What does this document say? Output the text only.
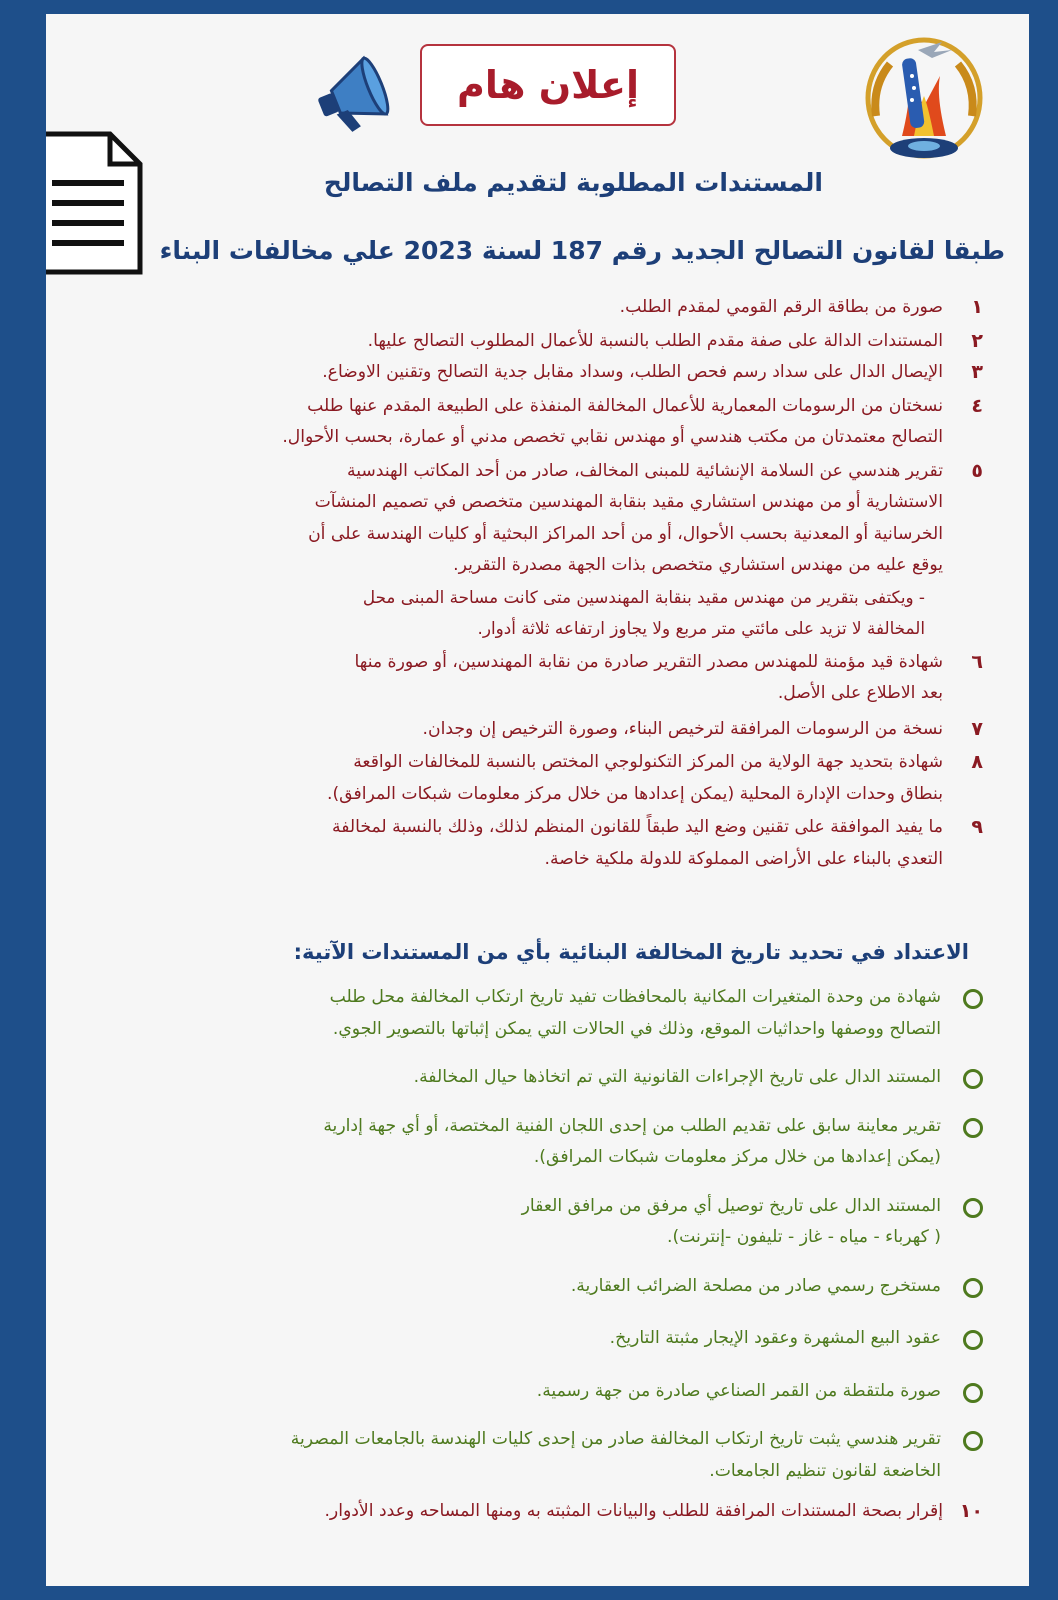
إعلان هام
المستندات المطلوبة لتقديم ملف التصالح
طبقا لقانون التصالح الجديد رقم 187 لسنة 2023 علي مخالفات البناء
١
صورة من بطاقة الرقم القومي لمقدم الطلب.
٢
المستندات الدالة على صفة مقدم الطلب بالنسبة للأعمال المطلوب التصالح عليها.
٣
الإيصال الدال على سداد رسم فحص الطلب، وسداد مقابل جدية التصالح وتقنين الاوضاع.
٤
نسختان من الرسومات المعمارية للأعمال المخالفة المنفذة على الطبيعة المقدم عنها طلب
التصالح معتمدتان من مكتب هندسي أو مهندس نقابي تخصص مدني أو عمارة، بحسب الأحوال.
٥
تقرير هندسي عن السلامة الإنشائية للمبنى المخالف، صادر من أحد المكاتب الهندسية
الاستشارية أو من مهندس استشاري مقيد بنقابة المهندسين متخصص في تصميم المنشآت
الخرسانية أو المعدنية بحسب الأحوال، أو من أحد المراكز البحثية أو كليات الهندسة على أن
يوقع عليه من مهندس استشاري متخصص بذات الجهة مصدرة التقرير.
- ويكتفى بتقرير من مهندس مقيد بنقابة المهندسين متى كانت مساحة المبنى محل
المخالفة لا تزيد على مائتي متر مربع ولا يجاوز ارتفاعه ثلاثة أدوار.
٦
شهادة قيد مؤمنة للمهندس مصدر التقرير صادرة من نقابة المهندسين، أو صورة منها
بعد الاطلاع على الأصل.
٧
نسخة من الرسومات المرافقة لترخيص البناء، وصورة الترخيص إن وجدان.
٨
شهادة بتحديد جهة الولاية من المركز التكنولوجي المختص بالنسبة للمخالفات الواقعة
بنطاق وحدات الإدارة المحلية (يمكن إعدادها من خلال مركز معلومات شبكات المرافق).
٩
ما يفيد الموافقة على تقنين وضع اليد طبقاً للقانون المنظم لذلك، وذلك بالنسبة لمخالفة
التعدي بالبناء على الأراضى المملوكة للدولة ملكية خاصة.
الاعتداد في تحديد تاريخ المخالفة البنائية بأي من المستندات الآتية:
شهادة من وحدة المتغيرات المكانية بالمحافظات تفيد تاريخ ارتكاب المخالفة محل طلب
التصالح ووصفها واحداثيات الموقع، وذلك في الحالات التي يمكن إثباتها بالتصوير الجوي.
المستند الدال على تاريخ الإجراءات القانونية التي تم اتخاذها حيال المخالفة.
تقرير معاينة سابق على تقديم الطلب من إحدى اللجان الفنية المختصة، أو أي جهة إدارية
(يمكن إعدادها من خلال مركز معلومات شبكات المرافق).
المستند الدال على تاريخ توصيل أي مرفق من مرافق العقار
( كهرباء - مياه - غاز - تليفون -إنترنت).
مستخرج رسمي صادر من مصلحة الضرائب العقارية.
عقود البيع المشهرة وعقود الإيجار مثبتة التاريخ.
صورة ملتقطة من القمر الصناعي صادرة من جهة رسمية.
تقرير هندسي يثبت تاريخ ارتكاب المخالفة صادر من إحدى كليات الهندسة بالجامعات المصرية
الخاضعة لقانون تنظيم الجامعات.
١٠
إقرار بصحة المستندات المرافقة للطلب والبيانات المثبته به ومنها المساحه وعدد الأدوار.
